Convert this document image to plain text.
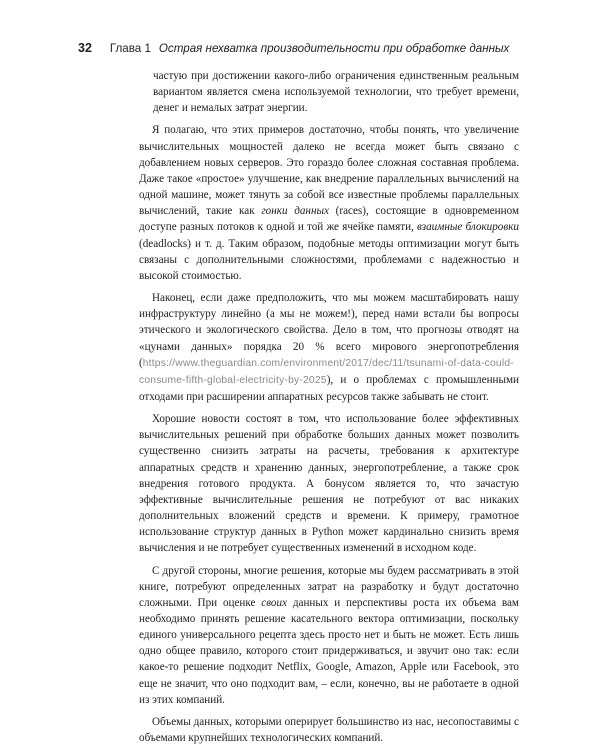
32 Глава 1 Острая нехватка производительности при обработке данных

частую при достижении какого-либо ограничения единственным реальным вариантом является смена используемой технологии, что требует времени, денег и немалых затрат энергии.

Я полагаю, что этих примеров достаточно, чтобы понять, что увеличение вычислительных мощностей далеко не всегда может быть связано с добавлением новых серверов. Это гораздо более сложная составная проблема. Даже такое «простое» улучшение, как внедрение параллельных вычислений на одной машине, может тянуть за собой все известные проблемы параллельных вычислений, такие как гонки данных (races), состоящие в одновременном доступе разных потоков к одной и той же ячейке памяти, взаимные блокировки (deadlocks) и т. д. Таким образом, подобные методы оптимизации могут быть связаны с дополнительными сложностями, проблемами с надежностью и высокой стоимостью.

Наконец, если даже предположить, что мы можем масштабировать нашу инфраструктуру линейно (а мы не можем!), перед нами встали бы вопросы этического и экологического свойства. Дело в том, что прогнозы отводят на «цунами данных» порядка 20 % всего мирового энергопотребления (https://www.theguardian.com/environment/2017/dec/11/tsunami-of-data-could-consume-fifth-global-electricity-by-2025), и о проблемах с промышленными отходами при расширении аппаратных ресурсов также забывать не стоит.

Хорошие новости состоят в том, что использование более эффективных вычислительных решений при обработке больших данных может позволить существенно снизить затраты на расчеты, требования к архитектуре аппаратных средств и хранению данных, энергопотребление, а также срок внедрения готового продукта. А бонусом является то, что зачастую эффективные вычислительные решения не потребуют от вас никаких дополнительных вложений средств и времени. К примеру, грамотное использование структур данных в Python может кардинально снизить время вычисления и не потребует существенных изменений в исходном коде.

С другой стороны, многие решения, которые мы будем рассматривать в этой книге, потребуют определенных затрат на разработку и будут достаточно сложными. При оценке своих данных и перспективы роста их объема вам необходимо принять решение касательного вектора оптимизации, поскольку единого универсального рецепта здесь просто нет и быть не может. Есть лишь одно общее правило, которого стоит придерживаться, и звучит оно так: если какое-то решение подходит Netflix, Google, Amazon, Apple или Facebook, это еще не значит, что оно подходит вам, – если, конечно, вы не работаете в одной из этих компаний.

Объемы данных, которыми оперирует большинство из нас, несопоставимы с объемами крупнейших технологических компаний.
